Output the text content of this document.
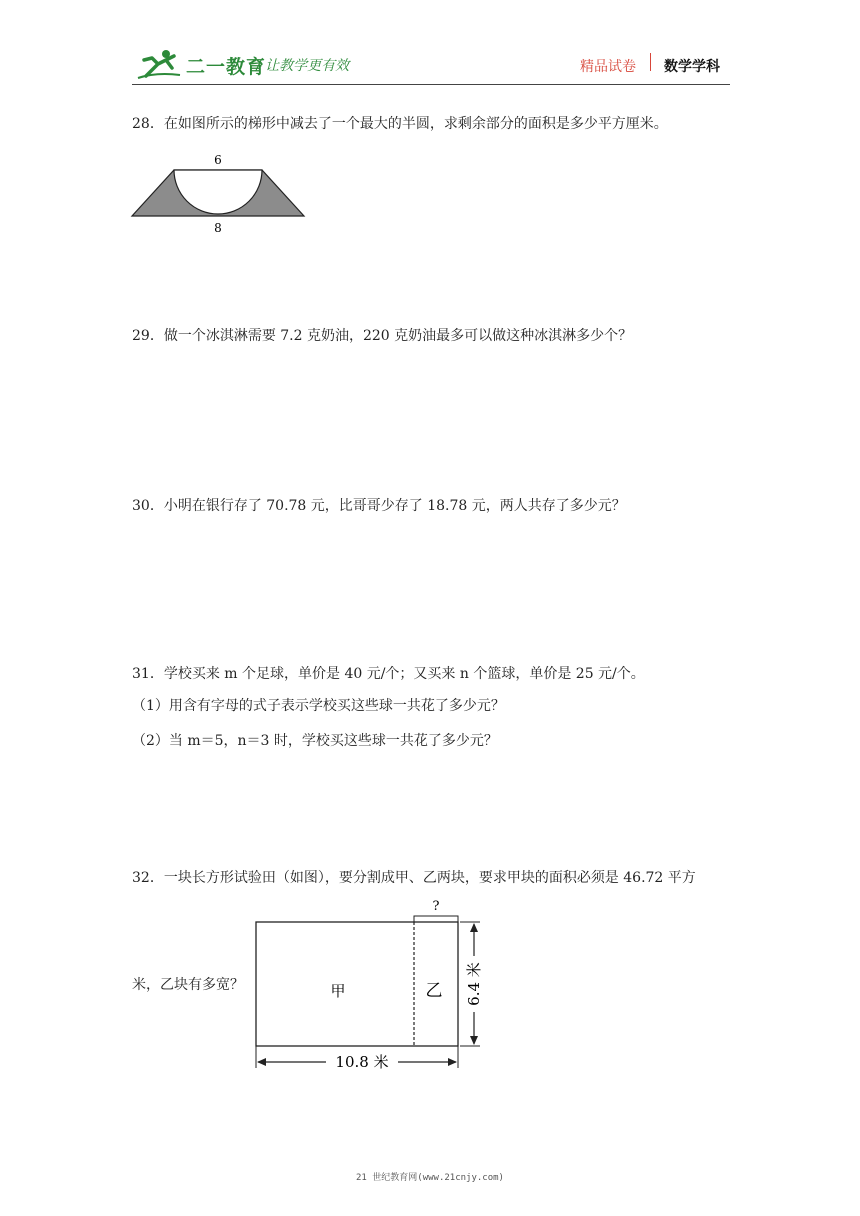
二一教育
/ 让教学更有效	精品试卷 数学学科
28．在如图所示的梯形中减去了一个最大的半圆，求剩余部分的面积是多少平方厘米。
6
8
29．做一个冰淇淋需要 7.2 克奶油，220 克奶油最多可以做这种冰淇淋多少个？
30．小明在银行存了 70.78 元，比哥哥少存了 18.78 元，两人共存了多少元？
31．学校买来 m 个足球，单价是 40 元/个；又买来 n 个篮球，单价是 25 元/个。
（1）用含有字母的式子表示学校买这些球一共花了多少元？
（2）当 m＝5，n＝3 时，学校买这些球一共花了多少元？
32．一块长方形试验田（如图），要分割成甲、乙两块，要求甲块的面积必须是 46.72 平方
米，乙块有多宽？
?
甲	乙 6.4 米
10.8 米
21 世纪教育网(www.21cnjy.com)
